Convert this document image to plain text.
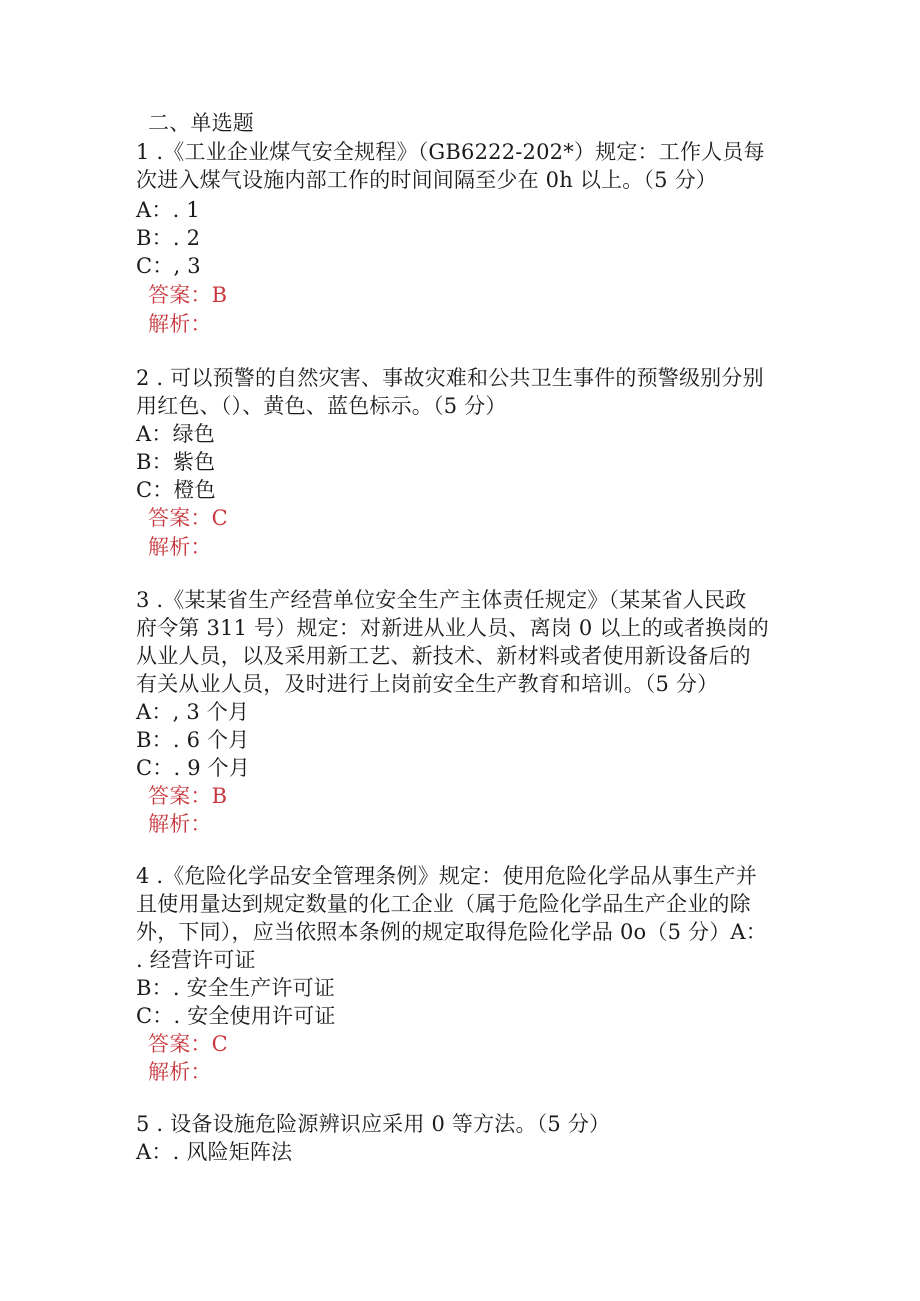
二、单选题
1 .《工业企业煤气安全规程》（GB6222-202*）规定：工作人员每
次进入煤气设施内部工作的时间间隔至少在 0h 以上。（5 分）
A：. 1
B：. 2
C：, 3
答案：B
解析：
2 . 可以预警的自然灾害、事故灾难和公共卫生事件的预警级别分别
用红色、（）、黄色、蓝色标示。（5 分）
A：绿色
B：紫色
C：橙色
答案：C
解析：
3 .《某某省生产经营单位安全生产主体责任规定》（某某省人民政
府令第 311 号）规定：对新进从业人员、离岗 0 以上的或者换岗的
从业人员，以及采用新工艺、新技术、新材料或者使用新设备后的
有关从业人员，及时进行上岗前安全生产教育和培训。（5 分）
A：, 3 个月
B：. 6 个月
C：. 9 个月
答案：B
解析：
4 .《危险化学品安全管理条例》规定：使用危险化学品从事生产并
且使用量达到规定数量的化工企业（属于危险化学品生产企业的除
外，下同），应当依照本条例的规定取得危险化学品 0o（5 分）A：
. 经营许可证
B：. 安全生产许可证
C：. 安全使用许可证
答案：C
解析：
5 . 设备设施危险源辨识应采用 0 等方法。（5 分）
A：. 风险矩阵法
